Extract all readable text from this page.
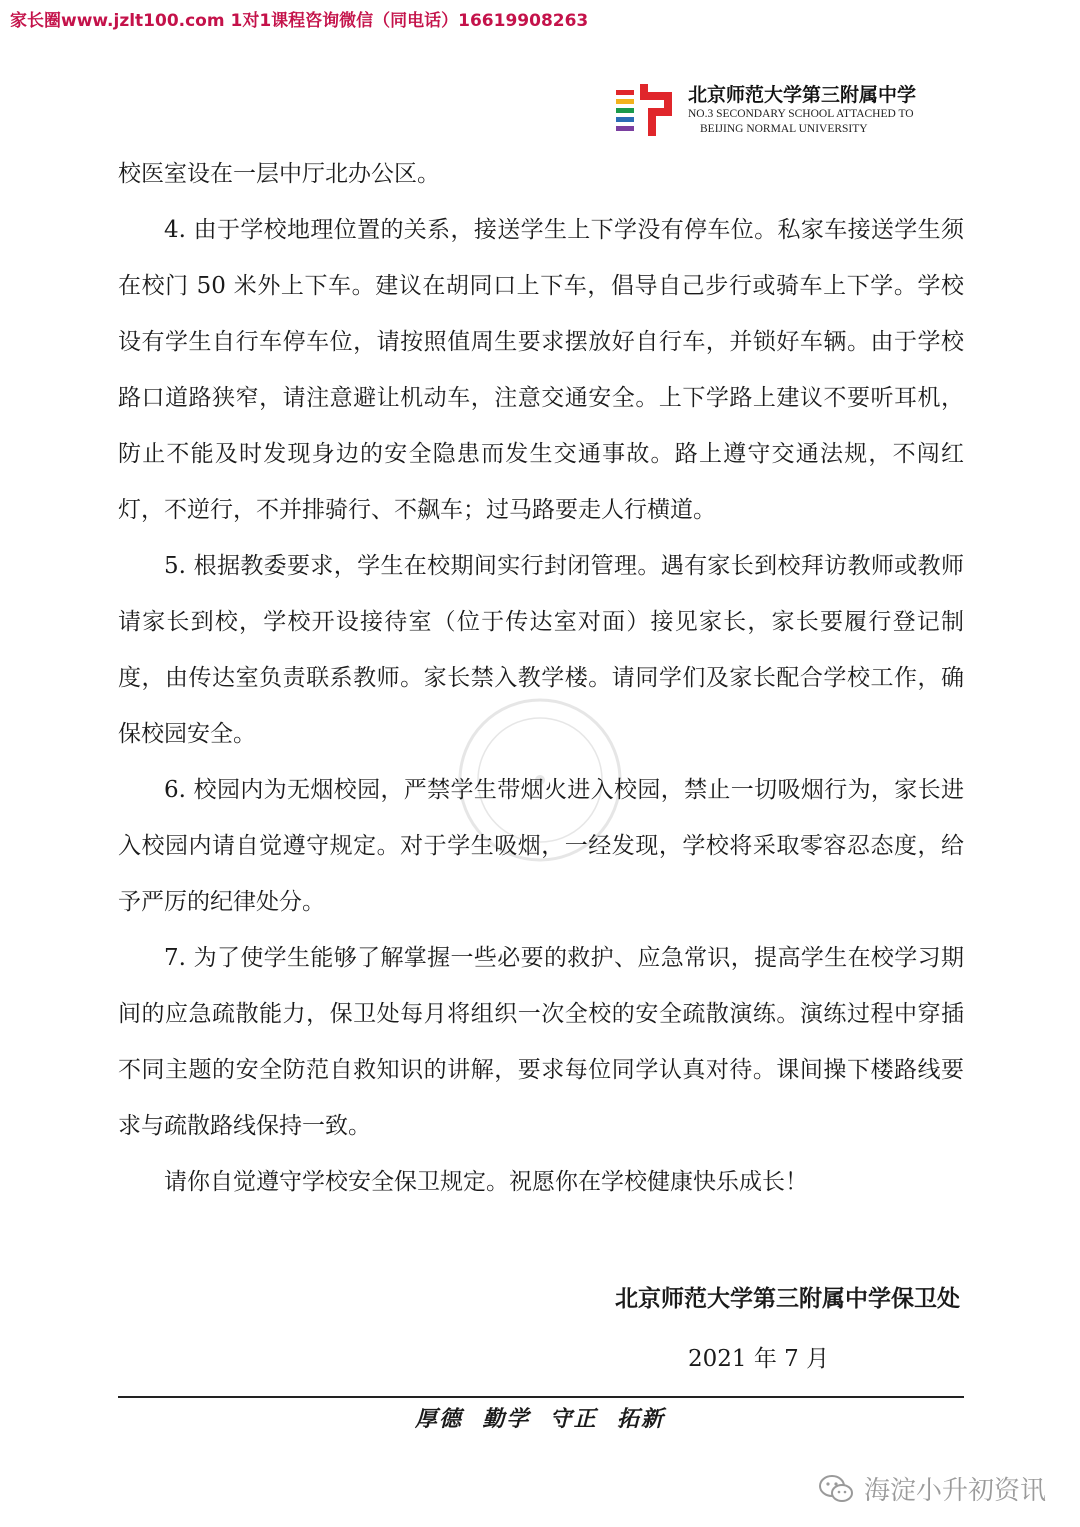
家长圈www.jzlt100.com 1对1课程咨询微信（同电话）16619908263
北京师范大学第三附属中学
NO.3 SECONDARY SCHOOL ATTACHED TO
BEIJING NORMAL UNIVERSITY

校医室设在一层中厅北办公区。

4. 由于学校地理位置的关系，接送学生上下学没有停车位。私家车接送学生须在校门 50 米外上下车。建议在胡同口上下车，倡导自己步行或骑车上下学。学校设有学生自行车停车位，请按照值周生要求摆放好自行车，并锁好车辆。由于学校路口道路狭窄，请注意避让机动车，注意交通安全。上下学路上建议不要听耳机，防止不能及时发现身边的安全隐患而发生交通事故。路上遵守交通法规，不闯红灯，不逆行，不并排骑行、不飙车；过马路要走人行横道。

5. 根据教委要求，学生在校期间实行封闭管理。遇有家长到校拜访教师或教师请家长到校，学校开设接待室（位于传达室对面）接见家长，家长要履行登记制度，由传达室负责联系教师。家长禁入教学楼。请同学们及家长配合学校工作，确保校园安全。

6. 校园内为无烟校园，严禁学生带烟火进入校园，禁止一切吸烟行为，家长进入校园内请自觉遵守规定。对于学生吸烟，一经发现，学校将采取零容忍态度，给予严厉的纪律处分。

7. 为了使学生能够了解掌握一些必要的救护、应急常识，提高学生在校学习期间的应急疏散能力，保卫处每月将组织一次全校的安全疏散演练。演练过程中穿插不同主题的安全防范自救知识的讲解，要求每位同学认真对待。课间操下楼路线要求与疏散路线保持一致。

请你自觉遵守学校安全保卫规定。祝愿你在学校健康快乐成长！

北京师范大学第三附属中学保卫处
2021 年 7 月
厚德  勤学  守正  拓新
海淀小升初资讯
